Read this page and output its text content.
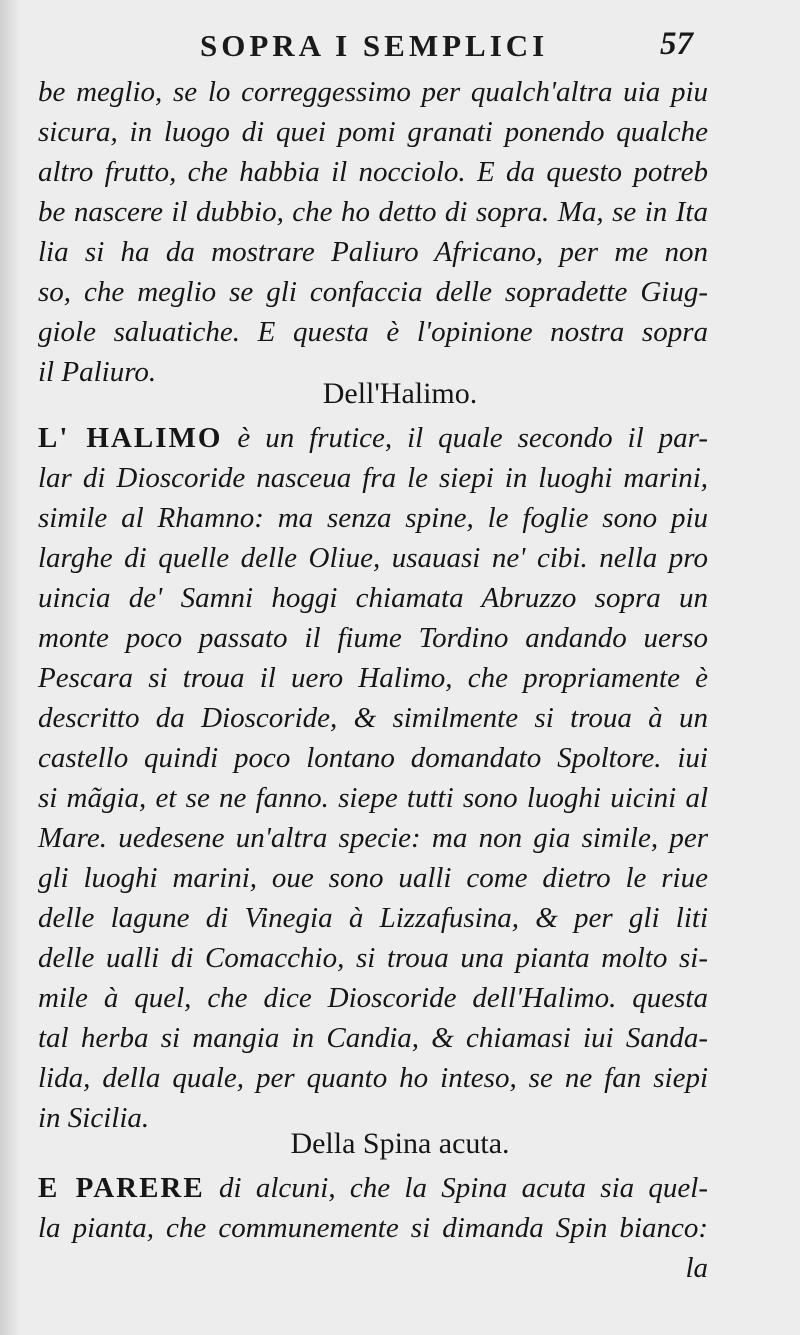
SOPRA I SEMPLICI	57
be meglio, se lo correggessimo per qualch'altra uia piu
sicura, in luogo di quei pomi granati ponendo qualche
altro frutto, che habbia il nocciolo. E da questo potreb
be nascere il dubbio, che ho detto di sopra. Ma, se in Ita
lia si ha da mostrare Paliuro Africano, per me non
so, che meglio se gli confaccia delle sopradette Giug-
giole saluatiche. E questa è l'opinione nostra sopra
il Paliuro.
Dell'Halimo.
L' HALIMO è un frutice, il quale secondo il par-
lar di Dioscoride nasceua fra le siepi in luoghi marini,
simile al Rhamno: ma senza spine, le foglie sono piu
larghe di quelle delle Oliue, usauasi ne' cibi. nella pro
uincia de' Samni hoggi chiamata Abruzzo sopra un
monte poco passato il fiume Tordino andando uerso
Pescara si troua il uero Halimo, che propriamente è
descritto da Dioscoride, & similmente si troua à un
castello quindi poco lontano domandato Spoltore. iui
si mãgia, et se ne fanno. siepe tutti sono luoghi uicini al
Mare. uedesene un'altra specie: ma non gia simile, per
gli luoghi marini, oue sono ualli come dietro le riue
delle lagune di Vinegia à Lizzafusina, & per gli liti
delle ualli di Comacchio, si troua una pianta molto si-
mile à quel, che dice Dioscoride dell'Halimo. questa
tal herba si mangia in Candia, & chiamasi iui Sanda-
lida, della quale, per quanto ho inteso, se ne fan siepi
in Sicilia.
Della Spina acuta.
E PARERE di alcuni, che la Spina acuta sia quel-
la pianta, che communemente si dimanda Spin bianco:
la
